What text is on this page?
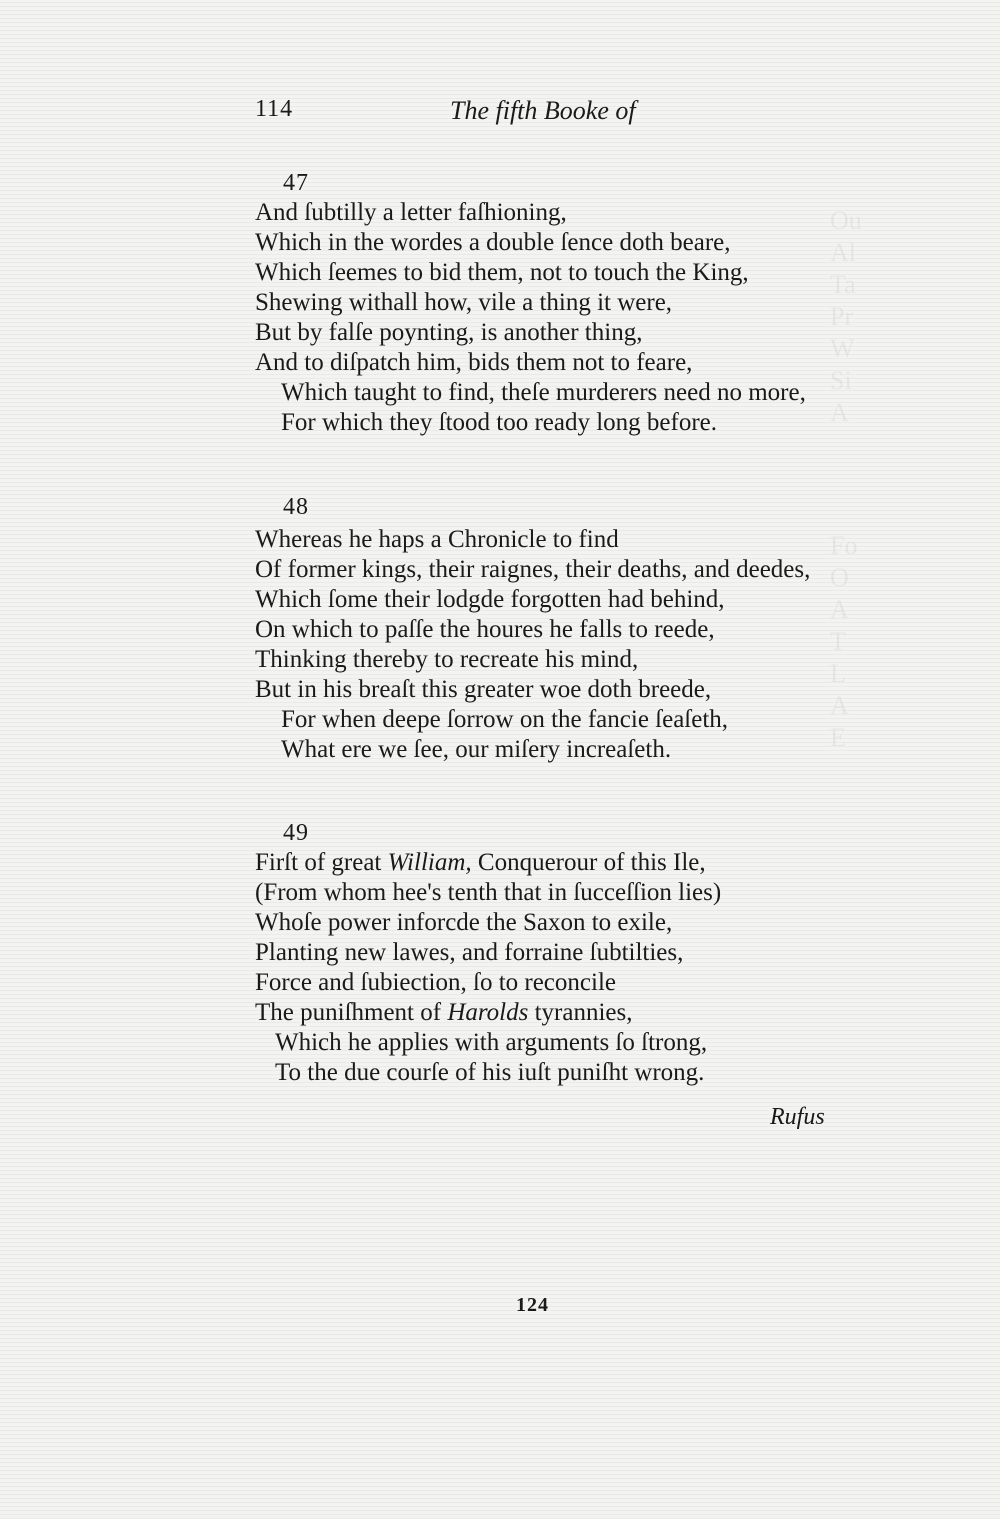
Ou
Al
Ta
Pr
W
Si
A
Fo
O
A
T
L
A
E
114	The fifth Booke of
47
And ſubtilly a letter faſhioning,
Which in the wordes a double ſence doth beare,
Which ſeemes to bid them, not to touch the King,
Shewing withall how, vile a thing it were,
But by falſe poynting, is another thing,
And to diſpatch him, bids them not to feare,
Which taught to find, theſe murderers need no more,
For which they ſtood too ready long before.
48
Whereas he haps a Chronicle to find
Of former kings, their raignes, their deaths, and deedes,
Which ſome their lodgde forgotten had behind,
On which to paſſe the houres he falls to reede,
Thinking thereby to recreate his mind,
But in his breaſt this greater woe doth breede,
For when deepe ſorrow on the fancie ſeaſeth,
What ere we ſee, our miſery increaſeth.
49
Firſt of great William, Conquerour of this Ile,
(From whom hee's tenth that in ſucceſſion lies)
Whoſe power inforcde the Saxon to exile,
Planting new lawes, and forraine ſubtilties,
Force and ſubiection, ſo to reconcile
The puniſhment of Harolds tyrannies,
Which he applies with arguments ſo ſtrong,
To the due courſe of his iuſt puniſht wrong.
Rufus
124
